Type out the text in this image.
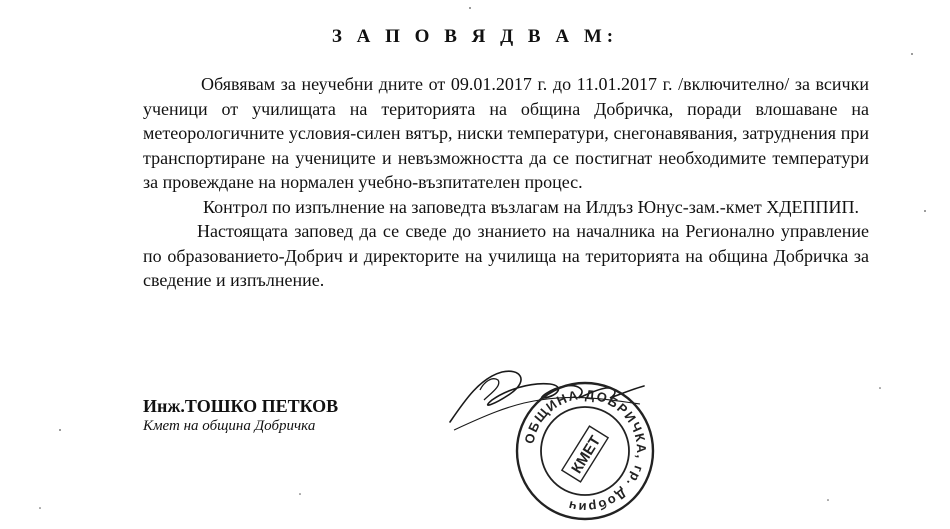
З А П О В Я Д В А М:

Обявявам за неучебни дните от 09.01.2017 г. до 11.01.2017 г. /включително/ за всички ученици от училищата на територията на община Добричка, поради влошаване на метеорологичните условия-силен вятър, ниски температури, снегонавявания, затруднения при транспортиране на учениците и невъзможността да се постигнат необходимите температури за провеждане на нормален учебно-възпитателен процес.

Контрол по изпълнение на заповедта възлагам на Илдъз Юнус-зам.-кмет ХДЕППИП.

Настоящата заповед да се сведе до знанието на началника на Регионално управление по образованието-Добрич и директорите на училища на територията на община Добричка за сведение и изпълнение.

Инж.ТОШКО ПЕТКОВ
Кмет на община Добричка
ОБЩИНА ДОБРИЧКА, гр. Добрич
КМЕТ
